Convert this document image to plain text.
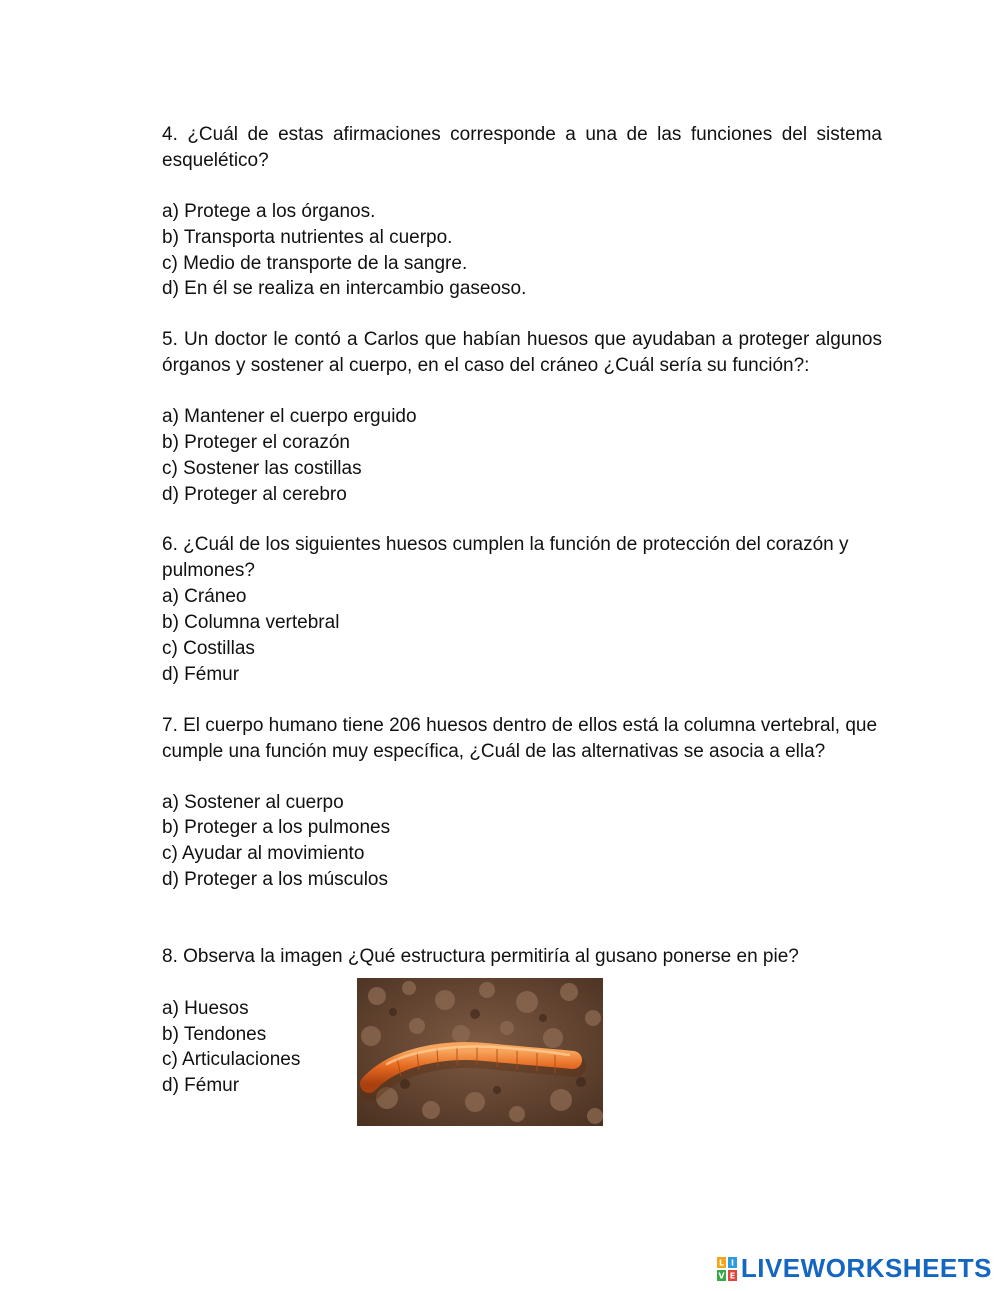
4. ¿Cuál de estas afirmaciones corresponde a una de las funciones del sistema esquelético?

a) Protege a los órganos.
b) Transporta nutrientes al cuerpo.
c) Medio de transporte de la sangre.
d) En él se realiza en intercambio gaseoso.

5. Un doctor le contó a Carlos que habían huesos que ayudaban a proteger algunos órganos y sostener al cuerpo, en el caso del cráneo ¿Cuál sería su función?:

a) Mantener el cuerpo erguido
b) Proteger el corazón
c) Sostener las costillas
d) Proteger al cerebro

6. ¿Cuál de los siguientes huesos cumplen la función de protección del corazón y pulmones?

a) Cráneo
b) Columna vertebral
c) Costillas
d) Fémur

7. El cuerpo humano tiene 206 huesos dentro de ellos está la columna vertebral, que cumple una función muy específica, ¿Cuál de las alternativas se asocia a ella?

a) Sostener al cuerpo
b) Proteger a los pulmones
c) Ayudar al movimiento
d) Proteger a los músculos

8. Observa la imagen ¿Qué estructura permitiría al gusano ponerse en pie?

a) Huesos
b) Tendones
c) Articulaciones
d) Fémur
L I
V E LIVEWORKSHEETS
